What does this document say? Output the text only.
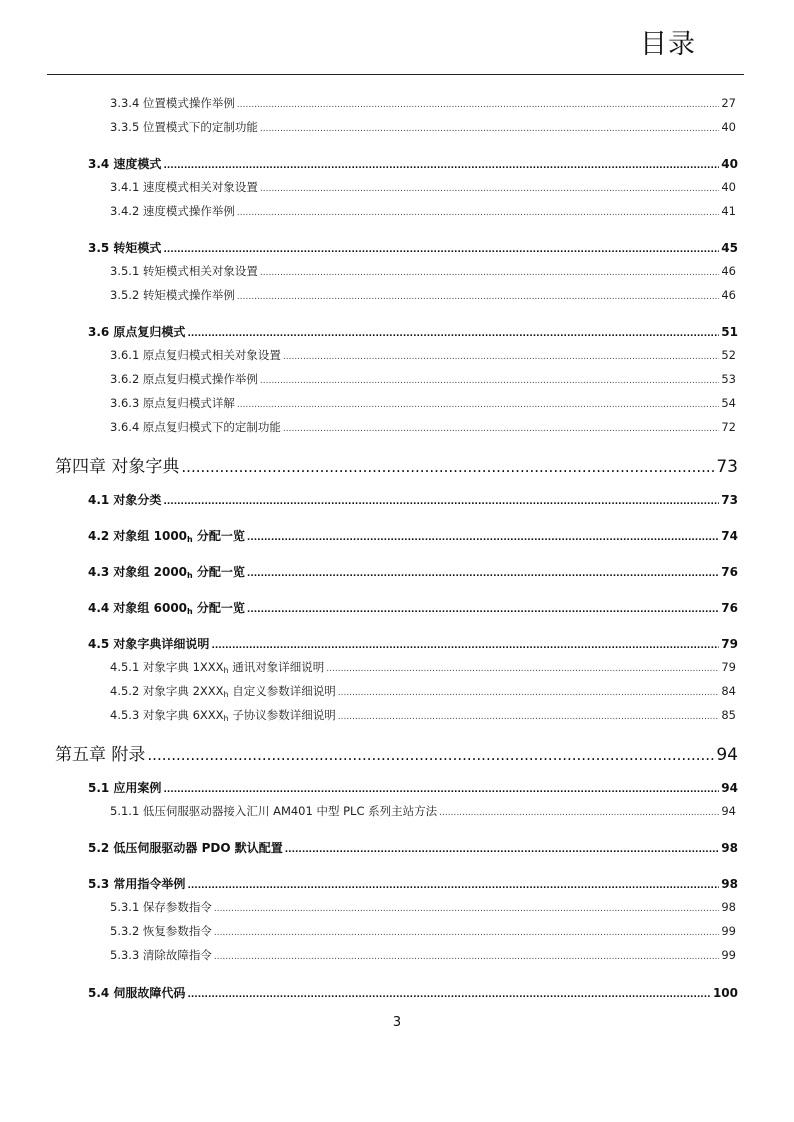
目录
3.3.4 位置模式操作举例 .....	27
3.3.5 位置模式下的定制功能 .....	40
3.4 速度模式 .....	40
3.4.1 速度模式相关对象设置 .....	40
3.4.2 速度模式操作举例 .....	41
3.5 转矩模式 .....	45
3.5.1 转矩模式相关对象设置 .....	46
3.5.2 转矩模式操作举例 .....	46
3.6 原点复归模式 .....	51
3.6.1 原点复归模式相关对象设置 .....	52
3.6.2 原点复归模式操作举例 .....	53
3.6.3 原点复归模式详解 .....	54
3.6.4 原点复归模式下的定制功能 .....	72
第四章 对象字典 .....	73
4.1 对象分类 .....	73
4.2 对象组 $1000_h$ 分配一览 .....	74
4.3 对象组 $2000_h$ 分配一览 .....	76
4.4 对象组 $6000_h$ 分配一览 .....	76
4.5 对象字典详细说明 .....	79
4.5.1 对象字典 $1XXX_h$ 通讯对象详细说明 .....	79
4.5.2 对象字典 $2XXX_h$ 自定义参数详细说明 .....	84
4.5.3 对象字典 $6XXX_h$ 子协议参数详细说明 .....	85
第五章 附录 .....	94
5.1 应用案例 .....	94
5.1.1 低压伺服驱动器接入汇川 AM401 中型 PLC 系列主站方法 .....	94
5.2 低压伺服驱动器 PDO 默认配置 .....	98
5.3 常用指令举例 .....	98
5.3.1 保存参数指令 .....	98
5.3.2 恢复参数指令 .....	99
5.3.3 清除故障指令 .....	99
5.4 伺服故障代码 .....	100
3
